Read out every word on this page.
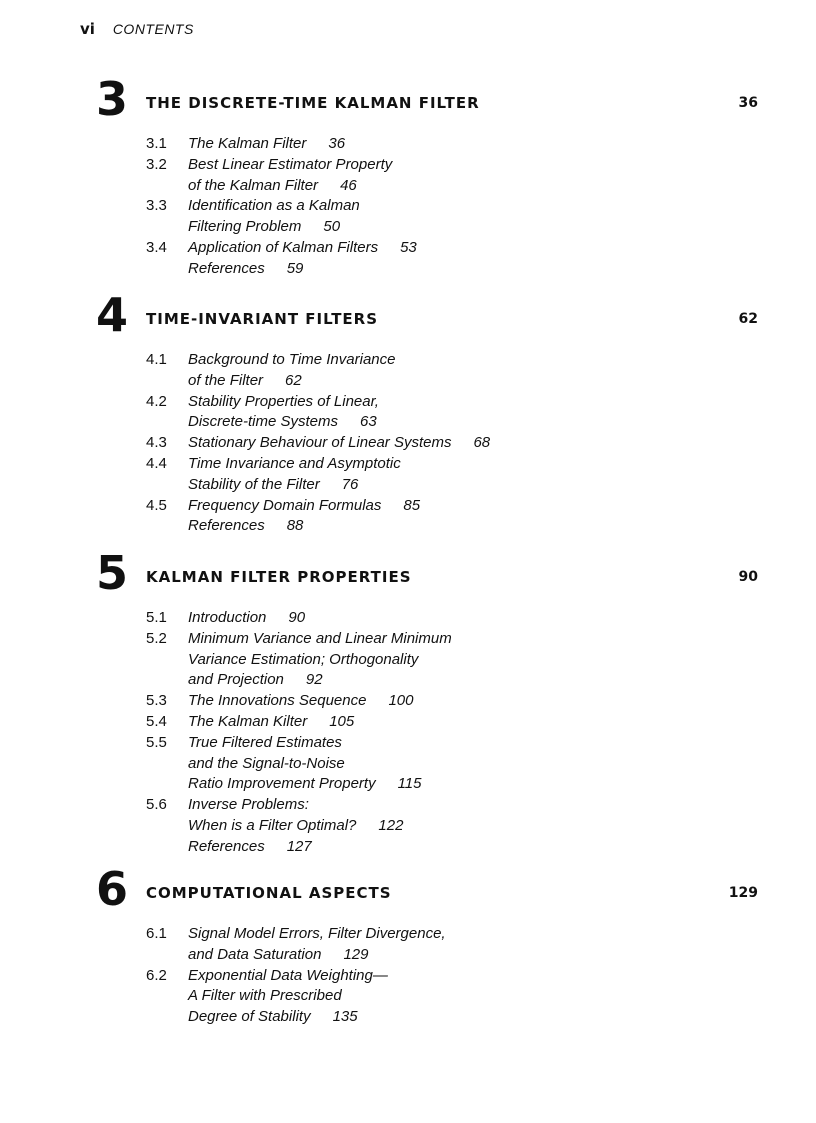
vi CONTENTS
3 THE DISCRETE-TIME KALMAN FILTER	36
3.1	The Kalman Filter 36
3.2	Best Linear Estimator Property
of the Kalman Filter 46
3.3	Identification as a Kalman
Filtering Problem 50
3.4	Application of Kalman Filters 53
References 59
4 TIME-INVARIANT FILTERS	62
4.1	Background to Time Invariance
of the Filter 62
4.2	Stability Properties of Linear,
Discrete-time Systems 63
4.3	Stationary Behaviour of Linear Systems 68
4.4	Time Invariance and Asymptotic
Stability of the Filter 76
4.5	Frequency Domain Formulas 85
References 88
5 KALMAN FILTER PROPERTIES	90
5.1	Introduction 90
5.2	Minimum Variance and Linear Minimum
Variance Estimation; Orthogonality
and Projection 92
5.3	The Innovations Sequence 100
5.4	The Kalman Kilter 105
5.5	True Filtered Estimates
and the Signal-to-Noise
Ratio Improvement Property 115
5.6	Inverse Problems:
When is a Filter Optimal? 122
References 127
6 COMPUTATIONAL ASPECTS	129
6.1	Signal Model Errors, Filter Divergence,
and Data Saturation 129
6.2	Exponential Data Weighting—
A Filter with Prescribed
Degree of Stability 135
